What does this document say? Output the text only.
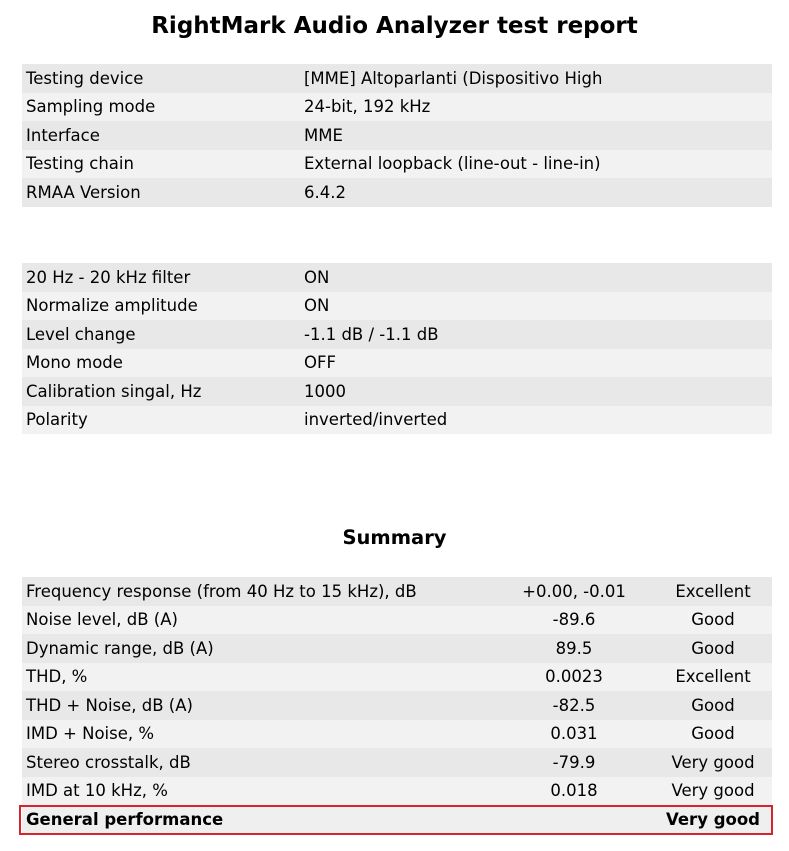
RightMark Audio Analyzer test report
Testing device	[MME] Altoparlanti (Dispositivo High
Sampling mode	24-bit, 192 kHz
Interface	MME
Testing chain	External loopback (line-out - line-in)
RMAA Version	6.4.2
20 Hz - 20 kHz filter	ON
Normalize amplitude	ON
Level change	-1.1 dB / -1.1 dB
Mono mode	OFF
Calibration singal, Hz	1000
Polarity	inverted/inverted
Summary
Frequency response (from 40 Hz to 15 kHz), dB	+0.00, -0.01	Excellent
Noise level, dB (A)	-89.6	Good
Dynamic range, dB (A)	89.5	Good
THD, %	0.0023	Excellent
THD + Noise, dB (A)	-82.5	Good
IMD + Noise, %	0.031	Good
Stereo crosstalk, dB	-79.9	Very good
IMD at 10 kHz, %	0.018	Very good
General performance		Very good
